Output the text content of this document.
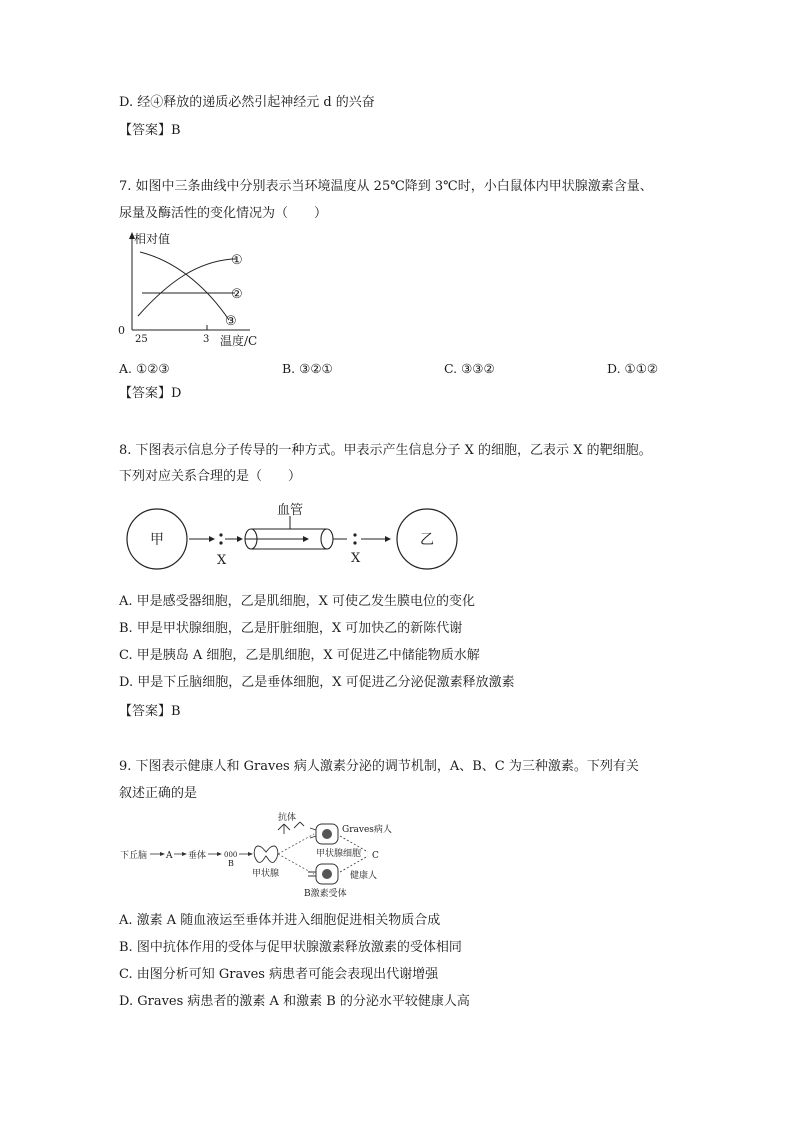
D. 经④释放的递质必然引起神经元 d 的兴奋
【答案】B
7. 如图中三条曲线中分别表示当环境温度从 25℃降到 3℃时，小白鼠体内甲状腺激素含量、
尿量及酶活性的变化情况为（　　）
相对值
0
25	3 温度/C
①
②
③
A. ①②③	B. ③②①	C. ③③②	D. ①①②
【答案】D
8. 下图表示信息分子传导的一种方式。甲表示产生信息分子 X 的细胞，乙表示 X 的靶细胞。
下列对应关系合理的是（　　）
甲
X
血管
X
乙
A. 甲是感受器细胞，乙是肌细胞，X 可使乙发生膜电位的变化
B. 甲是甲状腺细胞，乙是肝脏细胞，X 可加快乙的新陈代谢
C. 甲是胰岛 A 细胞，乙是肌细胞，X 可促进乙中储能物质水解
D. 甲是下丘脑细胞，乙是垂体细胞，X 可促进乙分泌促激素释放激素
【答案】B
9. 下图表示健康人和 Graves 病人激素分泌的调节机制，A、B、C 为三种激素。下列有关
叙述正确的是
下丘脑 A 垂体	000
B
甲状腺
抗体
Graves病人
甲状腺细胞
健康人
B激素受体
C
A. 激素 A 随血液运至垂体并进入细胞促进相关物质合成
B. 图中抗体作用的受体与促甲状腺激素释放激素的受体相同
C. 由图分析可知 Graves 病患者可能会表现出代谢增强
D. Graves 病患者的激素 A 和激素 B 的分泌水平较健康人高
